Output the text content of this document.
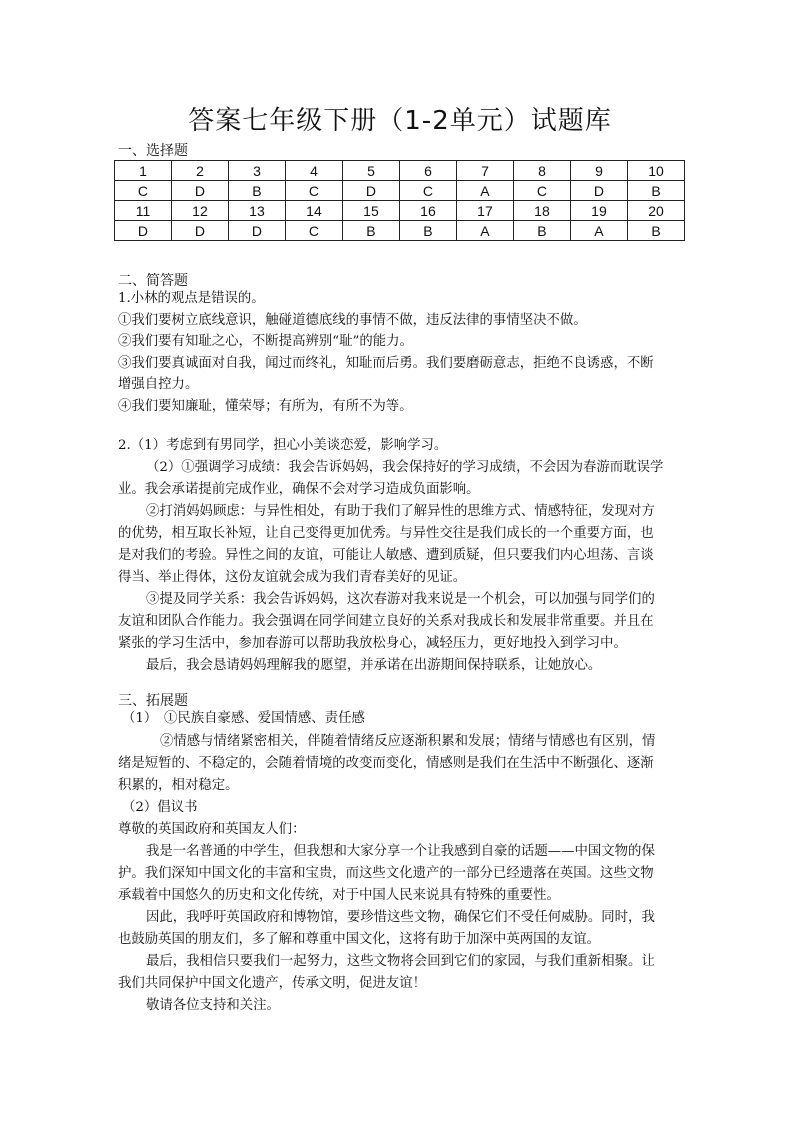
答案七年级下册（1-2单元）试题库
一、选择题
1	2	3	4	5	6	7	8	9	10
C	D	B	C	D	C	A	C	D	B
11	12	13	14	15	16	17	18	19	20
D	D	D	C	B	B	A	B	A	B
二、简答题
1.小林的观点是错误的。
①我们要树立底线意识，触碰道德底线的事情不做，违反法律的事情坚决不做。
②我们要有知耻之心，不断提高辨别“耻”的能力。
③我们要真诚面对自我，闻过而终礼，知耻而后勇。我们要磨砺意志，拒绝不良诱惑，不断
增强自控力。
④我们要知廉耻，懂荣辱；有所为，有所不为等。
2.（1）考虑到有男同学，担心小美谈恋爱，影响学习。
（2）①强调学习成绩：我会告诉妈妈，我会保持好的学习成绩，不会因为春游而耽误学
业。我会承诺提前完成作业，确保不会对学习造成负面影响。
②打消妈妈顾虑：与异性相处，有助于我们了解异性的思维方式、情感特征，发现对方
的优势，相互取长补短，让自己变得更加优秀。与异性交往是我们成长的一个重要方面，也
是对我们的考验。异性之间的友谊，可能让人敏感、遭到质疑，但只要我们内心坦荡、言谈
得当、举止得体，这份友谊就会成为我们青春美好的见证。
③提及同学关系：我会告诉妈妈，这次春游对我来说是一个机会，可以加强与同学们的
友谊和团队合作能力。我会强调在同学间建立良好的关系对我成长和发展非常重要。并且在
紧张的学习生活中，参加春游可以帮助我放松身心，减轻压力，更好地投入到学习中。
最后，我会恳请妈妈理解我的愿望，并承诺在出游期间保持联系，让她放心。
三、拓展题
（1）　①民族自豪感、爱国情感、责任感
②情感与情绪紧密相关，伴随着情绪反应逐渐积累和发展；情绪与情感也有区别，情
绪是短暂的、不稳定的，会随着情境的改变而变化，情感则是我们在生活中不断强化、逐渐
积累的，相对稳定。
（2）倡议书
尊敬的英国政府和英国友人们：
我是一名普通的中学生，但我想和大家分享一个让我感到自豪的话题——中国文物的保
护。我们深知中国文化的丰富和宝贵，而这些文化遗产的一部分已经遗落在英国。这些文物
承载着中国悠久的历史和文化传统，对于中国人民来说具有特殊的重要性。
因此，我呼吁英国政府和博物馆，要珍惜这些文物，确保它们不受任何威胁。同时，我
也鼓励英国的朋友们，多了解和尊重中国文化，这将有助于加深中英两国的友谊。
最后，我相信只要我们一起努力，这些文物将会回到它们的家园，与我们重新相聚。让
我们共同保护中国文化遗产，传承文明，促进友谊！
敬请各位支持和关注。
